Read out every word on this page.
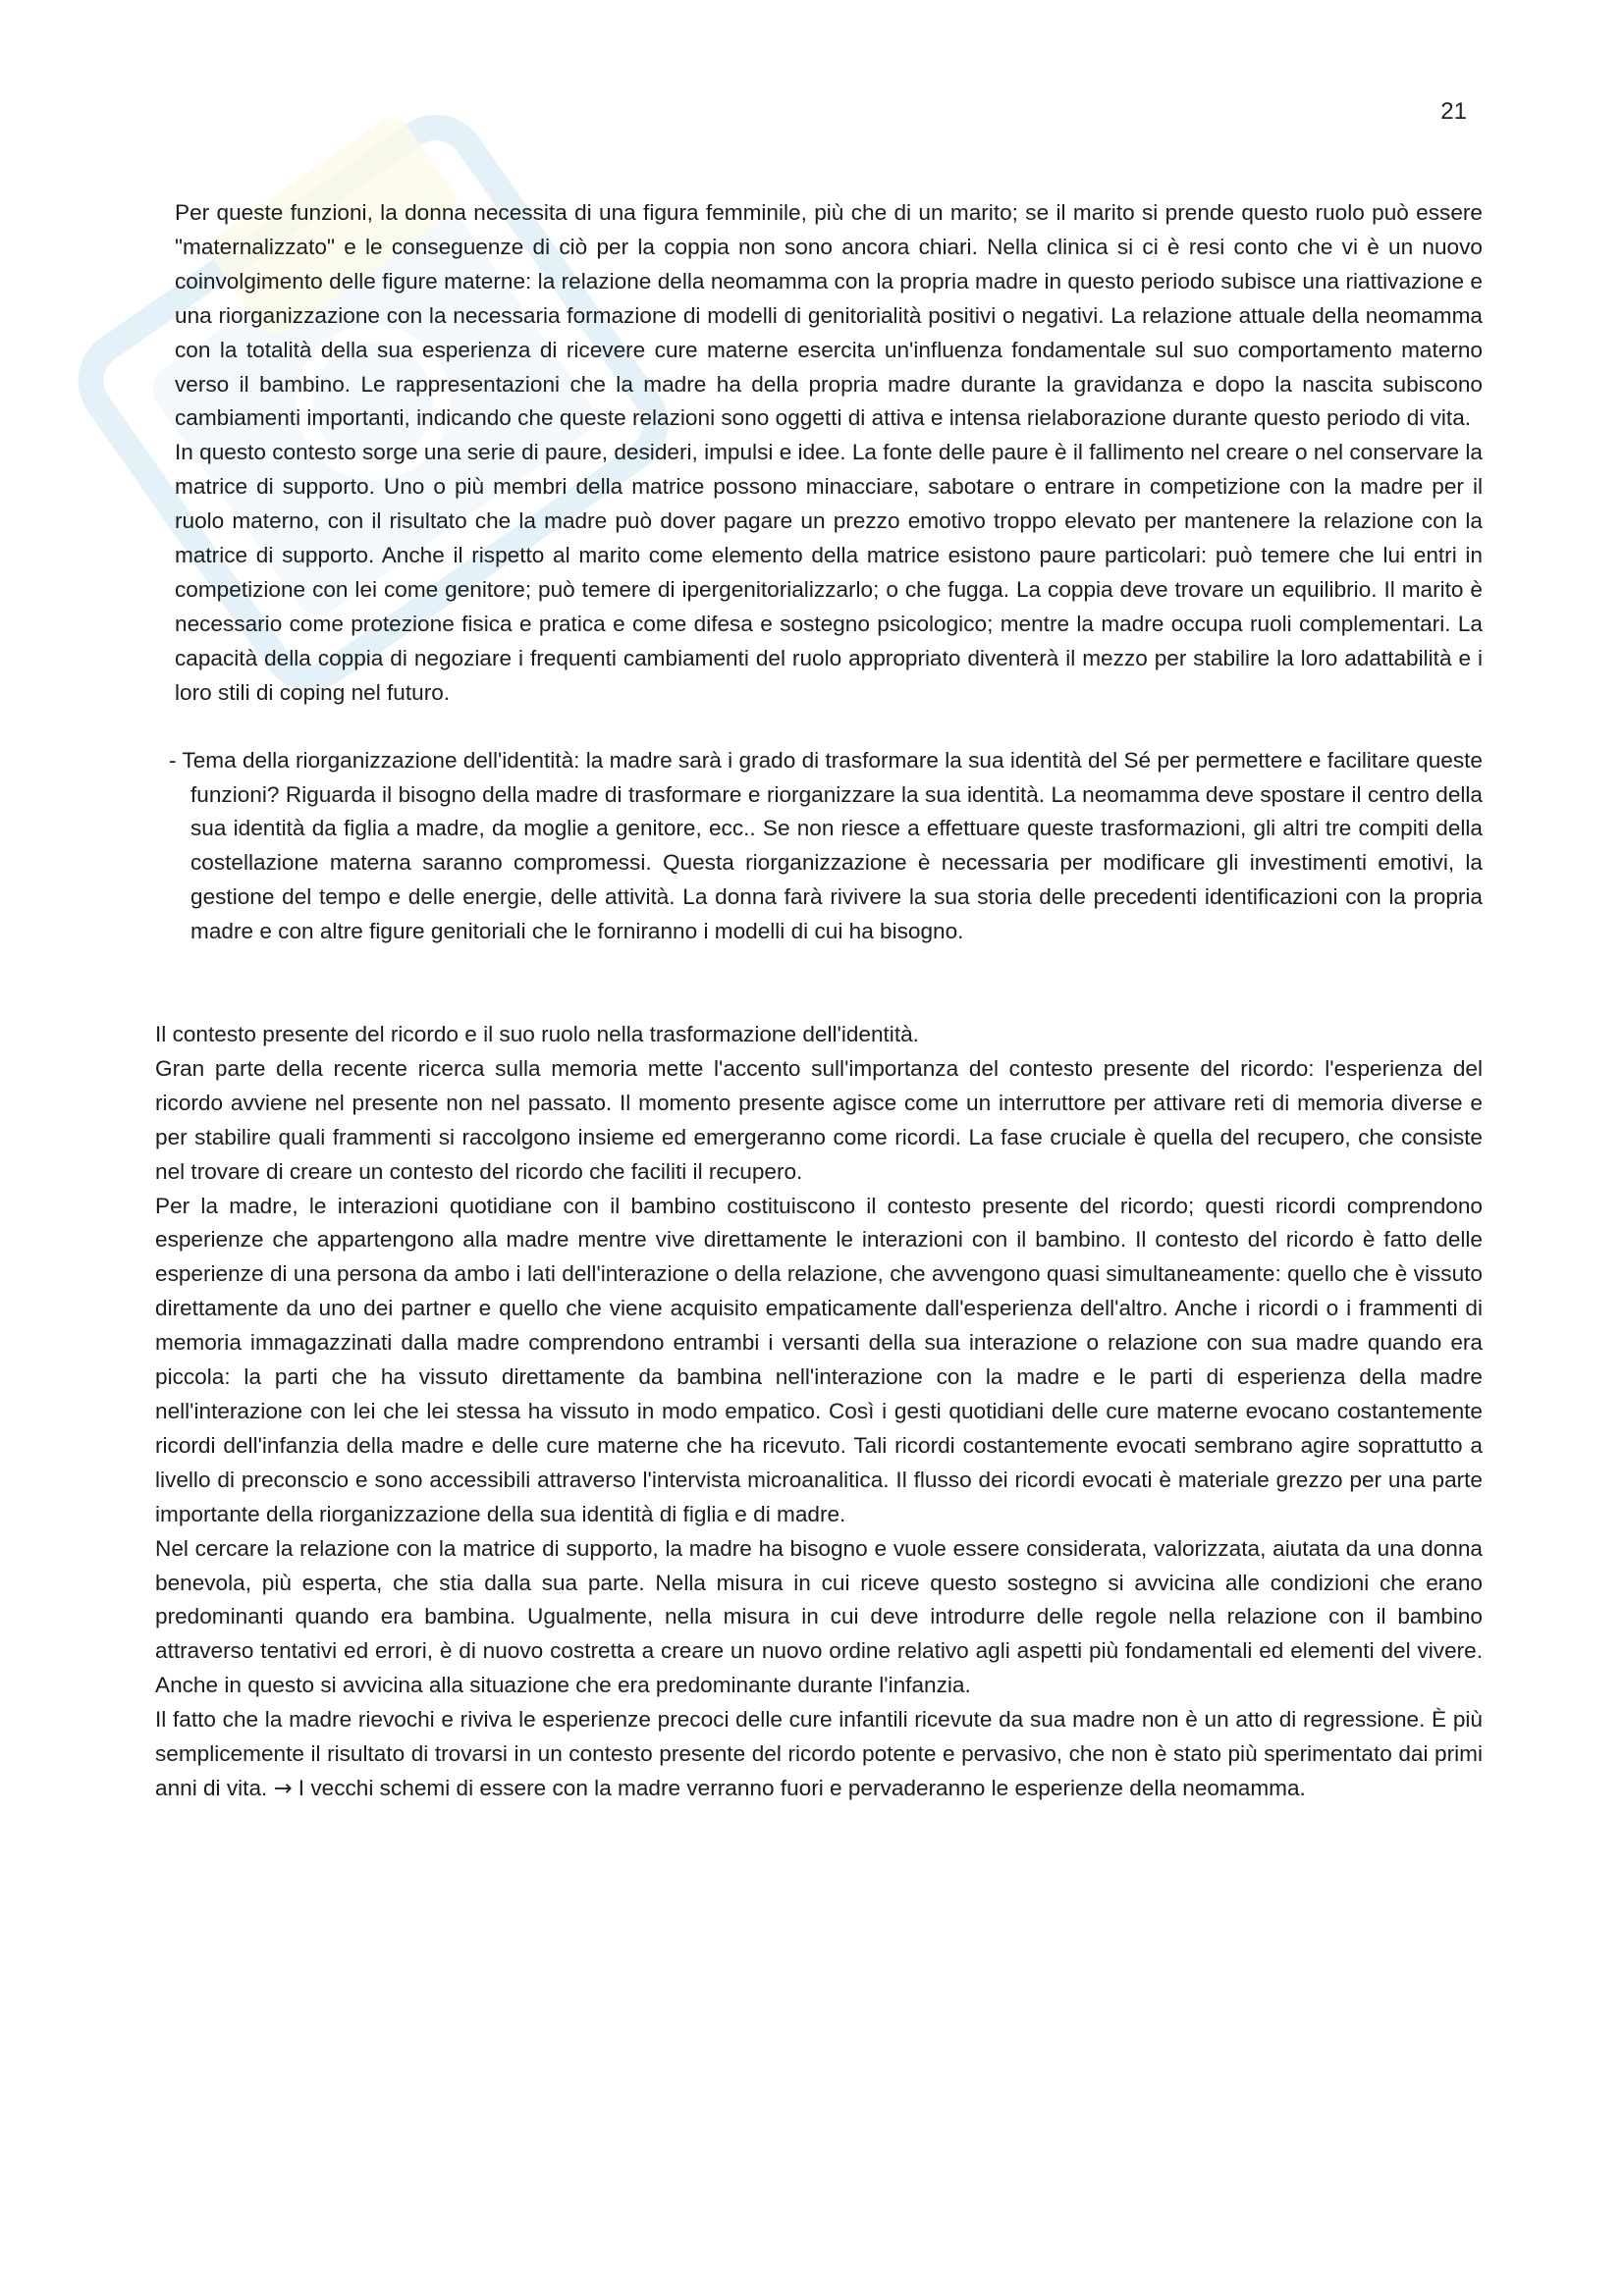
21

Per queste funzioni, la donna necessita di una figura femminile, più che di un marito; se il marito si prende questo ruolo può essere "maternalizzato" e le conseguenze di ciò per la coppia non sono ancora chiari. Nella clinica si ci è resi conto che vi è un nuovo coinvolgimento delle figure materne: la relazione della neomamma con la propria madre in questo periodo subisce una riattivazione e una riorganizzazione con la necessaria formazione di modelli di genitorialità positivi o negativi. La relazione attuale della neomamma con la totalità della sua esperienza di ricevere cure materne esercita un'influenza fondamentale sul suo comportamento materno verso il bambino. Le rappresentazioni che la madre ha della propria madre durante la gravidanza e dopo la nascita subiscono cambiamenti importanti, indicando che queste relazioni sono oggetti di attiva e intensa rielaborazione durante questo periodo di vita.

In questo contesto sorge una serie di paure, desideri, impulsi e idee. La fonte delle paure è il fallimento nel creare o nel conservare la matrice di supporto. Uno o più membri della matrice possono minacciare, sabotare o entrare in competizione con la madre per il ruolo materno, con il risultato che la madre può dover pagare un prezzo emotivo troppo elevato per mantenere la relazione con la matrice di supporto. Anche il rispetto al marito come elemento della matrice esistono paure particolari: può temere che lui entri in competizione con lei come genitore; può temere di ipergenitorializzarlo; o che fugga. La coppia deve trovare un equilibrio. Il marito è necessario come protezione fisica e pratica e come difesa e sostegno psicologico; mentre la madre occupa ruoli complementari. La capacità della coppia di negoziare i frequenti cambiamenti del ruolo appropriato diventerà il mezzo per stabilire la loro adattabilità e i loro stili di coping nel futuro.

- Tema della riorganizzazione dell'identità: la madre sarà i grado di trasformare la sua identità del Sé per permettere e facilitare queste funzioni? Riguarda il bisogno della madre di trasformare e riorganizzare la sua identità. La neomamma deve spostare il centro della sua identità da figlia a madre, da moglie a genitore, ecc.. Se non riesce a effettuare queste trasformazioni, gli altri tre compiti della costellazione materna saranno compromessi. Questa riorganizzazione è necessaria per modificare gli investimenti emotivi, la gestione del tempo e delle energie, delle attività. La donna farà rivivere la sua storia delle precedenti identificazioni con la propria madre e con altre figure genitoriali che le forniranno i modelli di cui ha bisogno.

Il contesto presente del ricordo e il suo ruolo nella trasformazione dell'identità.

Gran parte della recente ricerca sulla memoria mette l'accento sull'importanza del contesto presente del ricordo: l'esperienza del ricordo avviene nel presente non nel passato. Il momento presente agisce come un interruttore per attivare reti di memoria diverse e per stabilire quali frammenti si raccolgono insieme ed emergeranno come ricordi. La fase cruciale è quella del recupero, che consiste nel trovare di creare un contesto del ricordo che faciliti il recupero.

Per la madre, le interazioni quotidiane con il bambino costituiscono il contesto presente del ricordo; questi ricordi comprendono esperienze che appartengono alla madre mentre vive direttamente le interazioni con il bambino. Il contesto del ricordo è fatto delle esperienze di una persona da ambo i lati dell'interazione o della relazione, che avvengono quasi simultaneamente: quello che è vissuto direttamente da uno dei partner e quello che viene acquisito empaticamente dall'esperienza dell'altro. Anche i ricordi o i frammenti di memoria immagazzinati dalla madre comprendono entrambi i versanti della sua interazione o relazione con sua madre quando era piccola: la parti che ha vissuto direttamente da bambina nell'interazione con la madre e le parti di esperienza della madre nell'interazione con lei che lei stessa ha vissuto in modo empatico. Così i gesti quotidiani delle cure materne evocano costantemente ricordi dell'infanzia della madre e delle cure materne che ha ricevuto. Tali ricordi costantemente evocati sembrano agire soprattutto a livello di preconscio e sono accessibili attraverso l'intervista microanalitica. Il flusso dei ricordi evocati è materiale grezzo per una parte importante della riorganizzazione della sua identità di figlia e di madre.

Nel cercare la relazione con la matrice di supporto, la madre ha bisogno e vuole essere considerata, valorizzata, aiutata da una donna benevola, più esperta, che stia dalla sua parte. Nella misura in cui riceve questo sostegno si avvicina alle condizioni che erano predominanti quando era bambina. Ugualmente, nella misura in cui deve introdurre delle regole nella relazione con il bambino attraverso tentativi ed errori, è di nuovo costretta a creare un nuovo ordine relativo agli aspetti più fondamentali ed elementi del vivere. Anche in questo si avvicina alla situazione che era predominante durante l'infanzia.

Il fatto che la madre rievochi e riviva le esperienze precoci delle cure infantili ricevute da sua madre non è un atto di regressione. È più semplicemente il risultato di trovarsi in un contesto presente del ricordo potente e pervasivo, che non è stato più sperimentato dai primi anni di vita. → I vecchi schemi di essere con la madre verranno fuori e pervaderanno le esperienze della neomamma.
